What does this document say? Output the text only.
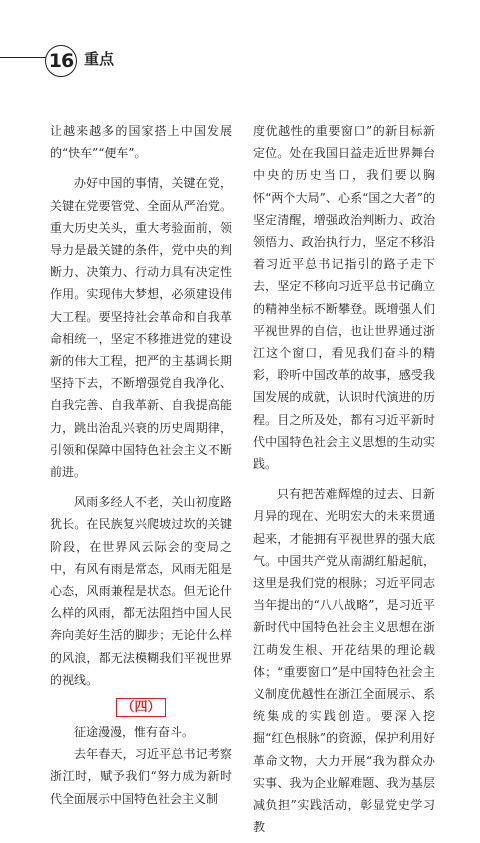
16 重点

让越来越多的国家搭上中国发展的“快车”“便车”。

办好中国的事情，关键在党，关键在党要管党、全面从严治党。重大历史关头，重大考验面前，领导力是最关键的条件，党中央的判断力、决策力、行动力具有决定性作用。实现伟大梦想，必须建设伟大工程。要坚持社会革命和自我革命相统一，坚定不移推进党的建设新的伟大工程，把严的主基调长期坚持下去，不断增强党自我净化、自我完善、自我革新、自我提高能力，跳出治乱兴衰的历史周期律，引领和保障中国特色社会主义不断前进。

风雨多经人不老，关山初度路犹长。在民族复兴爬坡过坎的关键阶段，在世界风云际会的变局之中，有风有雨是常态，风雨无阻是心态，风雨兼程是状态。但无论什么样的风雨，都无法阻挡中国人民奔向美好生活的脚步；无论什么样的风浪，都无法模糊我们平视世界的视线。

（四）

征途漫漫，惟有奋斗。

去年春天，习近平总书记考察浙江时，赋予我们“努力成为新时代全面展示中国特色社会主义制

度优越性的重要窗口”的新目标新定位。处在我国日益走近世界舞台中央的历史当口，我们要以胸怀“两个大局”、心系“国之大者”的坚定清醒，增强政治判断力、政治领悟力、政治执行力，坚定不移沿着习近平总书记指引的路子走下去，坚定不移向习近平总书记确立的精神坐标不断攀登。既增强人们平视世界的自信，也让世界通过浙江这个窗口，看见我们奋斗的精彩，聆听中国改革的故事，感受我国发展的成就，认识时代演进的历程。目之所及处，都有习近平新时代中国特色社会主义思想的生动实践。

只有把苦难辉煌的过去、日新月异的现在、光明宏大的未来贯通起来，才能拥有平视世界的强大底气。中国共产党从南湖红船起航，这里是我们党的根脉；习近平同志当年提出的“八八战略”，是习近平新时代中国特色社会主义思想在浙江萌发生根、开花结果的理论载体；“重要窗口”是中国特色社会主义制度优越性在浙江全面展示、系统集成的实践创造。要深入挖掘“红色根脉”的资源，保护利用好革命文物，大力开展“我为群众办实事、我为企业解难题、我为基层减负担”实践活动，彰显党史学习教
